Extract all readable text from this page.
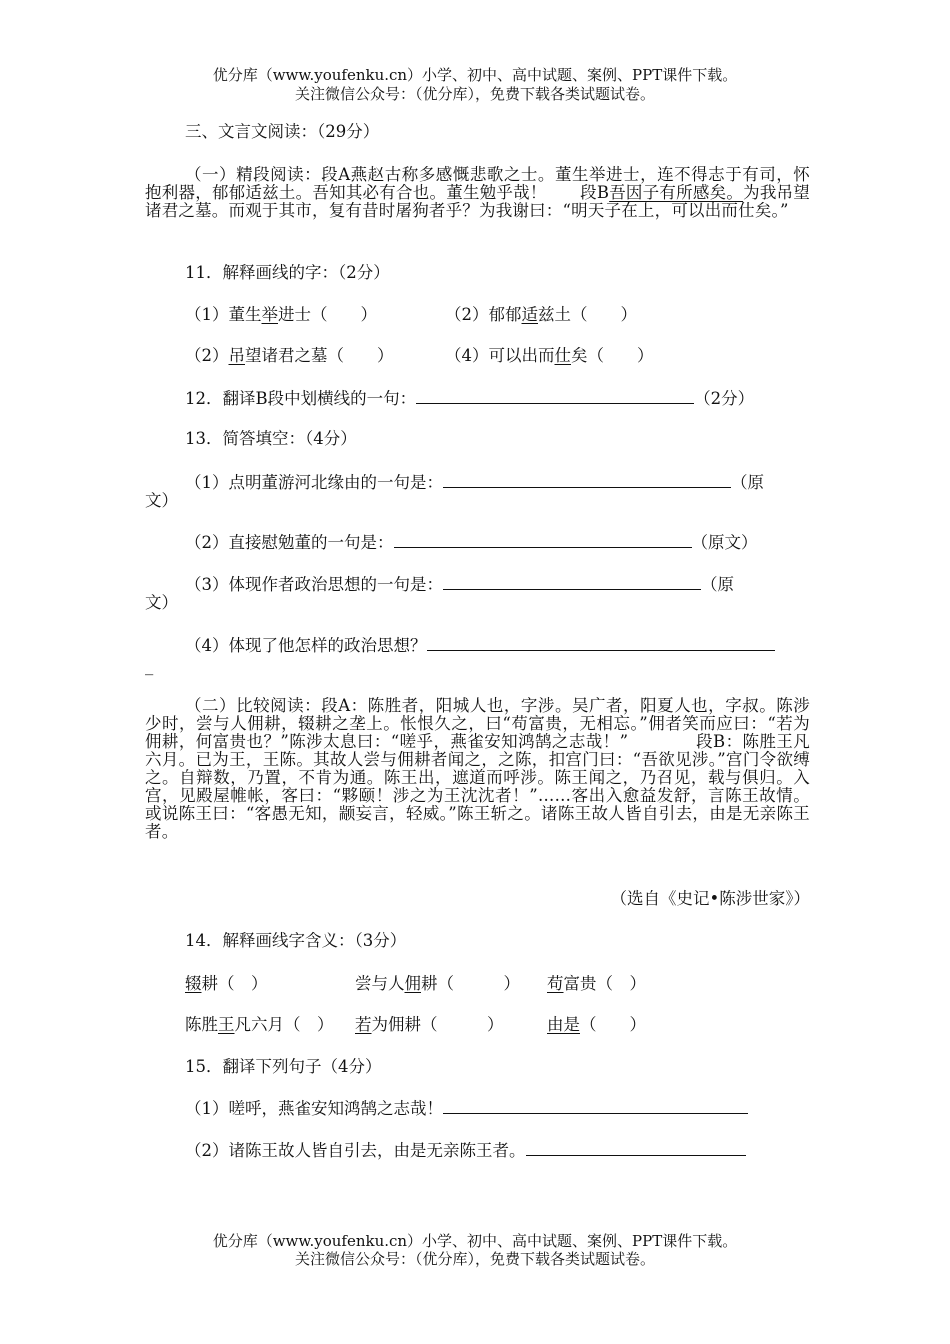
优分库（www.youfenku.cn）小学、初中、高中试题、案例、PPT课件下载。
关注微信公众号：（优分库），免费下载各类试题试卷。
三、文言文阅读：（29分）
（一）精段阅读：段A燕赵古称多感慨悲歌之士。董生举进士，连不得志于有司，怀抱利器，郁郁适兹土。吾知其必有合也。董生勉乎哉！　　段B吾因子有所感矣。为我吊望诸君之墓。而观于其市，复有昔时屠狗者乎？为我谢曰：“明天子在上，可以出而仕矣。”
11．解释画线的字：（2分）
（1）董生举进士（　　）	（2）郁郁适兹土（　　）
（2）吊望诸君之墓（　　）	（4）可以出而仕矣（　　）
12．翻译B段中划横线的一句：	（2分）
13．简答填空：（4分）
（1）点明董游河北缘由的一句是：	（原
文）
（2）直接慰勉董的一句是：	（原文）
（3）体现作者政治思想的一句是：	（原
文）
（4）体现了他怎样的政治思想？
_
（二）比较阅读：段A：陈胜者，阳城人也，字涉。吴广者，阳夏人也，字叔。陈涉少时，尝与人佣耕，辍耕之垄上。怅恨久之，曰“苟富贵，无相忘。”佣者笑而应曰：“若为佣耕，何富贵也？”陈涉太息曰：“嗟乎，燕雀安知鸿鹄之志哉！”　　　　段B：陈胜王凡六月。已为王，王陈。其故人尝与佣耕者闻之，之陈，扣宫门曰：“吾欲见涉。”宫门令欲缚之。自辩数，乃置，不肯为通。陈王出，遮道而呼涉。陈王闻之，乃召见，载与俱归。入宫，见殿屋帷帐，客曰：“夥颐！涉之为王沈沈者！”……客出入愈益发舒，言陈王故情。或说陈王曰：“客愚无知，颛妄言，轻威。”陈王斩之。诸陈王故人皆自引去，由是无亲陈王者。
（选自《史记•陈涉世家》）
14．解释画线字含义：（3分）
辍耕（　）	尝与人佣耕（　　　） 苟富贵（　）
陈胜王凡六月（　） 若为佣耕（　　　）	由是（　　）
15．翻译下列句子（4分）
（1）嗟呼，燕雀安知鸿鹄之志哉！
（2）诸陈王故人皆自引去，由是无亲陈王者。
优分库（www.youfenku.cn）小学、初中、高中试题、案例、PPT课件下载。
关注微信公众号：（优分库），免费下载各类试题试卷。
